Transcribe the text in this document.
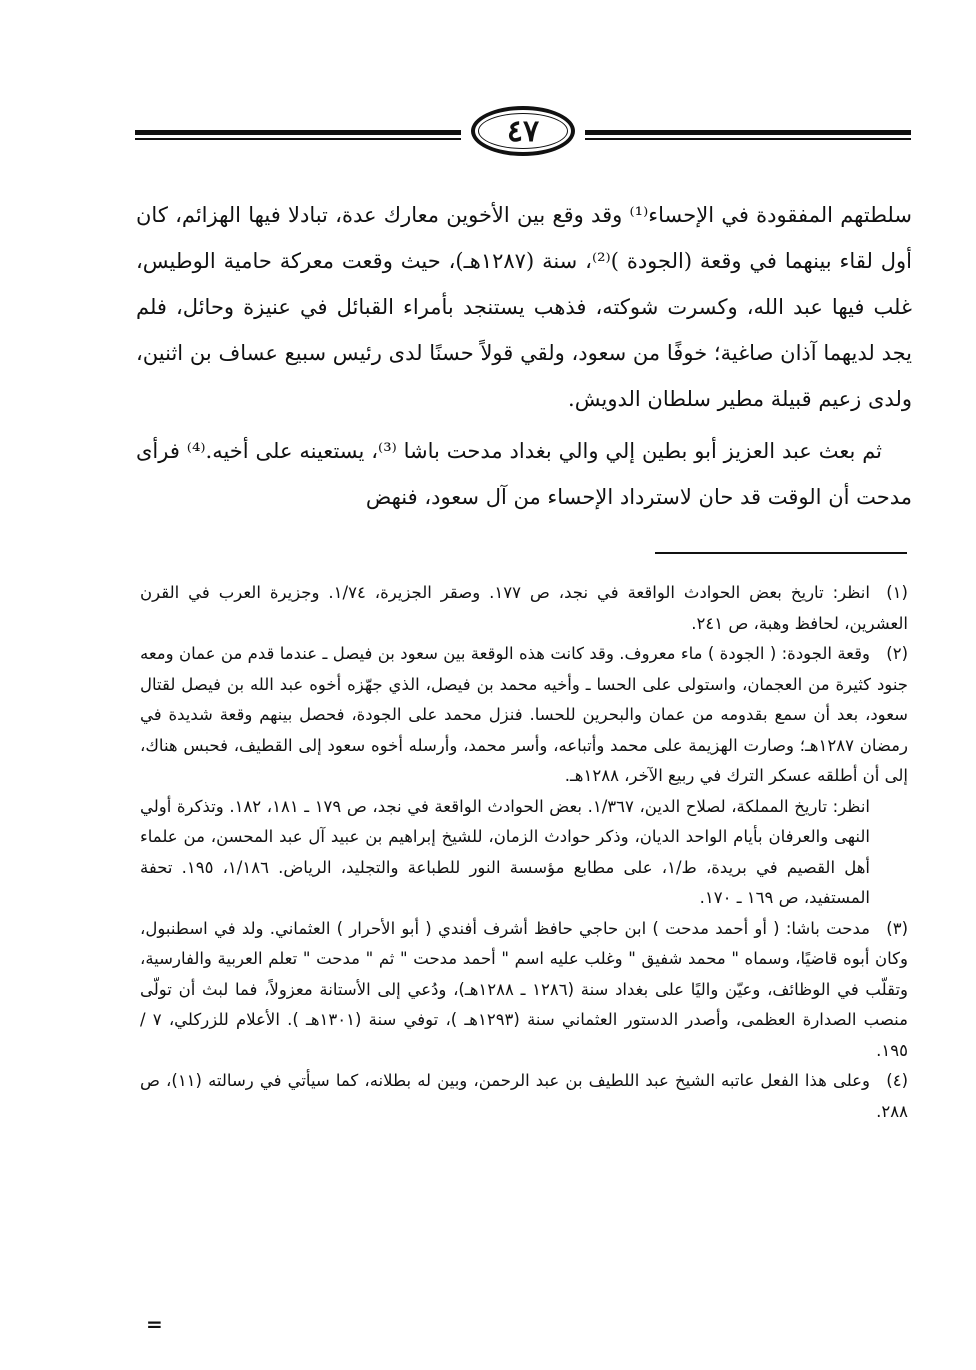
٤٧

سلطتهم المفقودة في الإحساء⁽¹⁾ وقد وقع بين الأخوين معارك عدة، تبادلا فيها الهزائم، كان أول لقاء بينهما في وقعة (الجودة )⁽²⁾، سنة (١٢٨٧هـ)، حيث وقعت معركة حامية الوطيس، غلب فيها عبد الله، وكسرت شوكته، فذهب يستنجد بأمراء القبائل في عنيزة وحائل، فلم يجد لديهما آذان صاغية؛ خوفًا من سعود، ولقي قولاً حسنًا لدى رئيس سبيع عساف بن اثنين، ولدى زعيم قبيلة مطير سلطان الدويش.

ثم بعث عبد العزيز أبو بطين إلي والي بغداد مدحت باشا ⁽³⁾، يستعينه على أخيه.⁽⁴⁾ فرأى مدحت أن الوقت قد حان لاسترداد الإحساء من آل سعود، فنهض

(١)انظر: تاريخ بعض الحوادث الواقعة في نجد، ص ١٧٧. وصقر الجزيرة، ١/٧٤. وجزيرة العرب في القرن العشرين، لحافظ وهبة، ص ٢٤١.

(٢)وقعة الجودة: ( الجودة ) ماء معروف. وقد كانت هذه الوقعة بين سعود بن فيصل ـ عندما قدم من عمان ومعه جنود كثيرة من العجمان، واستولى على الحسا ـ وأخيه محمد بن فيصل، الذي جهّزه أخوه عبد الله بن فيصل لقتال سعود، بعد أن سمع بقدومه من عمان والبحرين للحسا. فنزل محمد على الجودة، فحصل بينهم وقعة شديدة في رمضان ١٢٨٧هـ؛ وصارت الهزيمة على محمد وأتباعه، وأسر محمد، وأرسله أخوه سعود إلى القطيف، فحبس هناك، إلى أن أطلقه عسكر الترك في ربيع الآخر، ١٢٨٨هـ.

انظر: تاريخ المملكة، لصلاح الدين، ١/٣٦٧. بعض الحوادث الواقعة في نجد، ص ١٧٩ ـ ١٨١، ١٨٢. وتذكرة أولي النهى والعرفان بأيام الواحد الديان، وذكر حوادث الزمان، للشيخ إبراهيم بن عبيد آل عبد المحسن، من علماء أهل القصيم في بريدة، ط/١، على مطابع مؤسسة النور للطباعة والتجليد، الرياض. ١/١٨٦، ١٩٥. تحفة المستفيد، ص ١٦٩ ـ ١٧٠.

(٣)مدحت باشا: ( أو أحمد مدحت ) ابن حاجي حافظ أشرف أفندي ( أبو الأحرار ) العثماني. ولد في اسطنبول، وكان أبوه قاضيًا، وسماه " محمد شفيق " وغلب عليه اسم " أحمد مدحت " ثم " مدحت " تعلم العربية والفارسية، وتقلّب في الوظائف، وعيّن واليًا على بغداد سنة (١٢٨٦ ـ ١٢٨٨هـ)، ودُعي إلى الأستانة معزولاً، فما لبث أن تولّى منصب الصدارة العظمى، وأصدر الدستور العثماني سنة (١٢٩٣هـ )، توفي سنة (١٣٠١هـ ). الأعلام للزركلي، ٧ /١٩٥.

(٤)وعلى هذا الفعل عاتبه الشيخ عبد اللطيف بن عبد الرحمن، وبين له بطلانه، كما سيأتي في رسالته (١١)، ص ٢٨٨.

=
